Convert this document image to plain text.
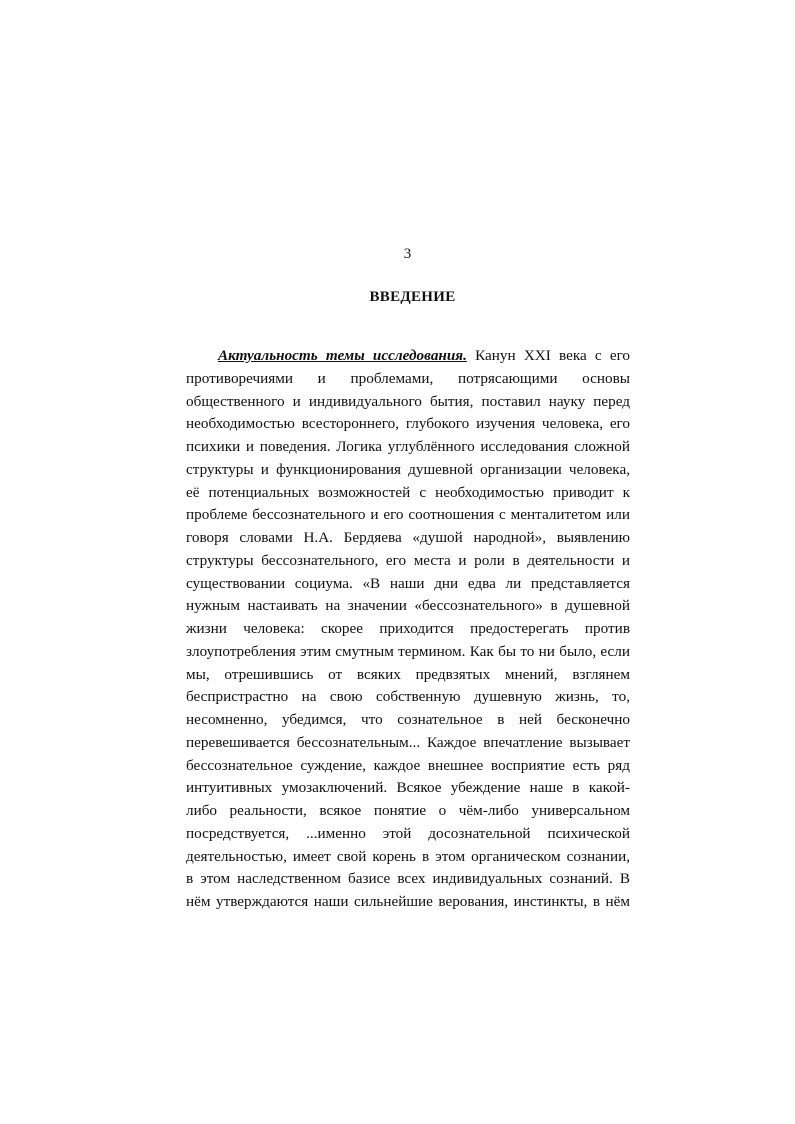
3
ВВЕДЕНИЕ
Актуальность темы исследования. Канун XXI века с его
противоречиями и проблемами, потрясающими основы
общественного и индивидуального бытия, поставил науку перед
необходимостью всестороннего, глубокого изучения человека, его
психики и поведения. Логика углублённого исследования сложной
структуры и функционирования душевной организации человека,
её потенциальных возможностей с необходимостью приводит к
проблеме бессознательного и его соотношения с менталитетом или
говоря словами Н.А. Бердяева «душой народной», выявлению
структуры бессознательного, его места и роли в деятельности и
существовании социума. «В наши дни едва ли представляется
нужным настаивать на значении «бессознательного» в душевной
жизни человека: скорее приходится предостерегать против
злоупотребления этим смутным термином. Как бы то ни было, если
мы, отрешившись от всяких предвзятых мнений, взглянем
беспристрастно на свою собственную душевную жизнь, то,
несомненно, убедимся, что сознательное в ней бесконечно
перевешивается бессознательным... Каждое впечатление вызывает
бессознательное суждение, каждое внешнее восприятие есть ряд
интуитивных умозаключений. Всякое убеждение наше в какой-
либо реальности, всякое понятие о чём-либо универсальном
посредствуется, ...именно этой досознательной психической
деятельностью, имеет свой корень в этом органическом сознании,
в этом наследственном базисе всех индивидуальных сознаний. В
нём утверждаются наши сильнейшие верования, инстинкты, в нём
